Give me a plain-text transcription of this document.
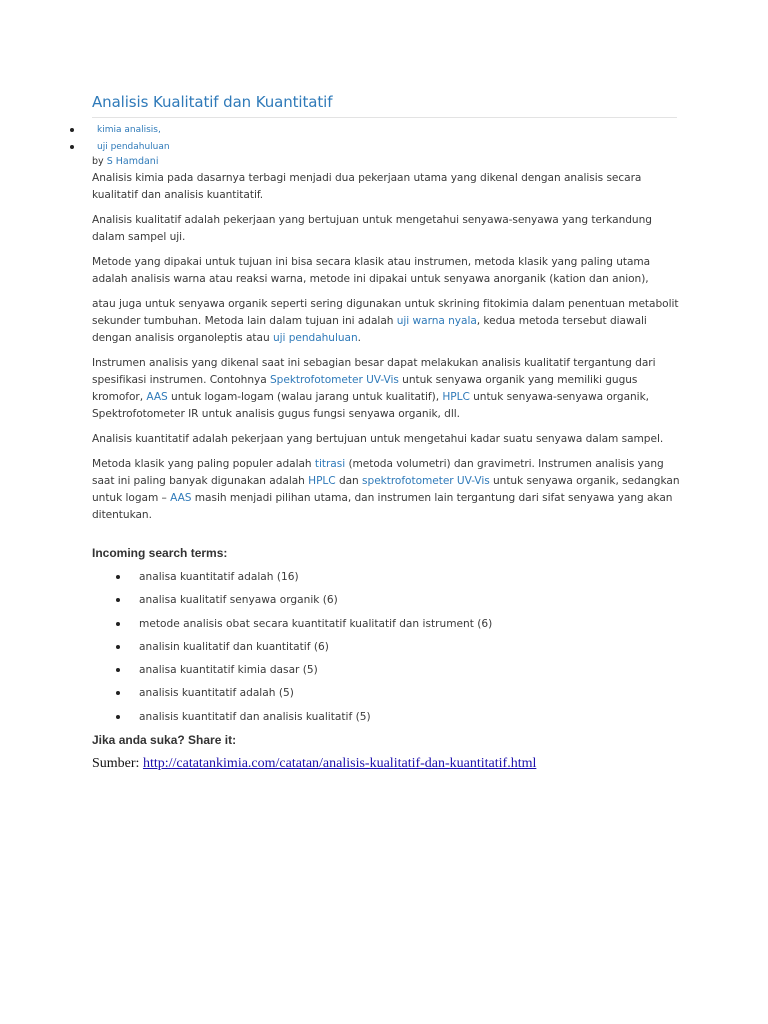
Analisis Kualitatif dan Kuantitatif
kimia analisis,
uji pendahuluan
by S Hamdani

Analisis kimia pada dasarnya terbagi menjadi dua pekerjaan utama yang dikenal dengan analisis secara kualitatif dan analisis kuantitatif.

Analisis kualitatif adalah pekerjaan yang bertujuan untuk mengetahui senyawa-senyawa yang terkandung dalam sampel uji.

Metode yang dipakai untuk tujuan ini bisa secara klasik atau instrumen, metoda klasik yang paling utama adalah analisis warna atau reaksi warna, metode ini dipakai untuk senyawa anorganik (kation dan anion),

atau juga untuk senyawa organik seperti sering digunakan untuk skrining fitokimia dalam penentuan metabolit sekunder tumbuhan. Metoda lain dalam tujuan ini adalah uji warna nyala, kedua metoda tersebut diawali dengan analisis organoleptis atau uji pendahuluan.

Instrumen analisis yang dikenal saat ini sebagian besar dapat melakukan analisis kualitatif tergantung dari spesifikasi instrumen. Contohnya Spektrofotometer UV-Vis untuk senyawa organik yang memiliki gugus kromofor, AAS untuk logam-logam (walau jarang untuk kualitatif), HPLC untuk senyawa-senyawa organik, Spektrofotometer IR untuk analisis gugus fungsi senyawa organik, dll.

Analisis kuantitatif adalah pekerjaan yang bertujuan untuk mengetahui kadar suatu senyawa dalam sampel.

Metoda klasik yang paling populer adalah titrasi (metoda volumetri) dan gravimetri. Instrumen analisis yang saat ini paling banyak digunakan adalah HPLC dan spektrofotometer UV-Vis untuk senyawa organik, sedangkan untuk logam – AAS masih menjadi pilihan utama, dan instrumen lain tergantung dari sifat senyawa yang akan ditentukan.

Incoming search terms:
analisa kuantitatif adalah (16)
analisa kualitatif senyawa organik (6)
metode analisis obat secara kuantitatif kualitatif dan istrument (6)
analisin kualitatif dan kuantitatif (6)
analisa kuantitatif kimia dasar (5)
analisis kuantitatif adalah (5)
analisis kuantitatif dan analisis kualitatif (5)

Jika anda suka? Share it:

Sumber: http://catatankimia.com/catatan/analisis-kualitatif-dan-kuantitatif.html
